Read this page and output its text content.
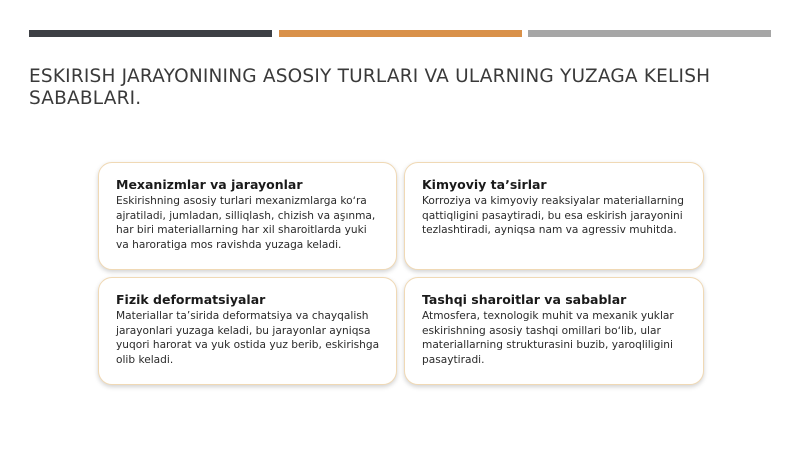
ESKIRISH JARAYONINING ASOSIY TURLARI VA ULARNING YUZAGA KELISH SABABLARI.

Mexanizmlar va jarayonlar

Eskirishning asosiy turlari mexanizmlarga koʻra ajratiladi, jumladan, silliqlash, chizish va aşınma, har biri materiallarning har xil sharoitlarda yuki va haroratiga mos ravishda yuzaga keladi.

Kimyoviy taʼsirlar

Korroziya va kimyoviy reaksiyalar materiallarning qattiqligini pasaytiradi, bu esa eskirish jarayonini tezlashtiradi, ayniqsa nam va agressiv muhitda.

Fizik deformatsiyalar

Materiallar taʼsirida deformatsiya va chayqalish jarayonlari yuzaga keladi, bu jarayonlar ayniqsa yuqori harorat va yuk ostida yuz berib, eskirishga olib keladi.

Tashqi sharoitlar va sabablar

Atmosfera, texnologik muhit va mexanik yuklar eskirishning asosiy tashqi omillari boʻlib, ular materiallarning strukturasini buzib, yaroqliligini pasaytiradi.
